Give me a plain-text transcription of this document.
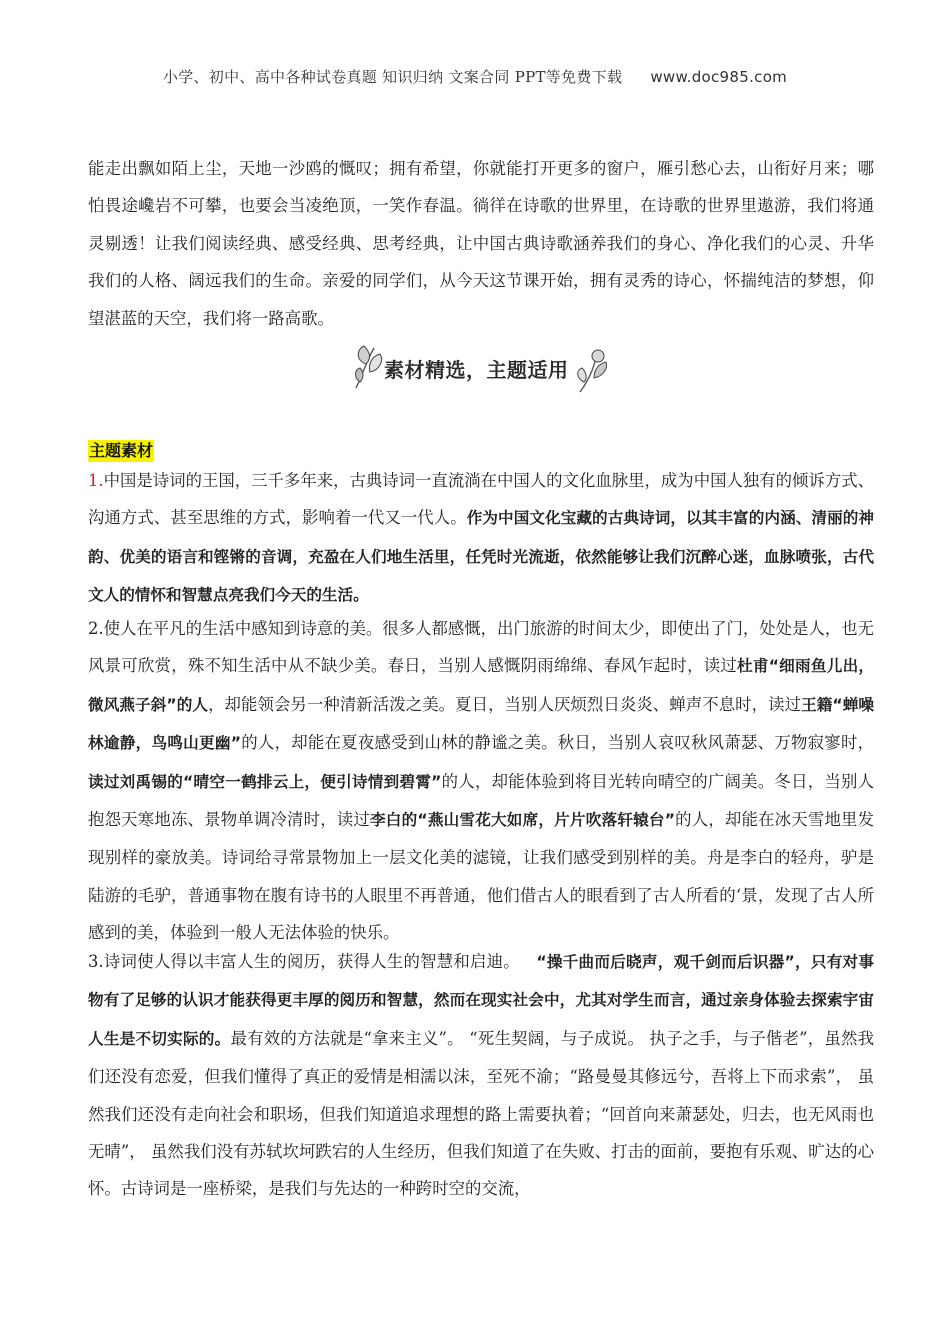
小学、初中、高中各种试卷真题 知识归纳 文案合同 PPT等免费下载 www.doc985.com

能走出飘如陌上尘，天地一沙鸥的慨叹；拥有希望，你就能打开更多的窗户，雁引愁心去，山衔好月来；哪怕畏途巉岩不可攀，也要会当凌绝顶，一笑作春温。徜徉在诗歌的世界里，在诗歌的世界里遨游，我们将通灵剔透！让我们阅读经典、感受经典、思考经典，让中国古典诗歌涵养我们的身心、净化我们的心灵、升华我们的人格、阔远我们的生命。亲爱的同学们，从今天这节课开始，拥有灵秀的诗心，怀揣纯洁的梦想，仰望湛蓝的天空，我们将一路高歌。

素材精选，主题适用
主题素材

1.中国是诗词的王国，三千多年来，古典诗词一直流淌在中国人的文化血脉里，成为中国人独有的倾诉方式、沟通方式、甚至思维的方式，影响着一代又一代人。作为中国文化宝藏的古典诗词，以其丰富的内涵、清丽的神韵、优美的语言和铿锵的音调，充盈在人们地生活里，任凭时光流逝，依然能够让我们沉醉心迷，血脉喷张，古代文人的情怀和智慧点亮我们今天的生活。

2.使人在平凡的生活中感知到诗意的美。很多人都感慨，出门旅游的时间太少，即使出了门，处处是人，也无风景可欣赏，殊不知生活中从不缺少美。春日，当别人感慨阴雨绵绵、春风乍起时，读过杜甫“细雨鱼儿出，微风燕子斜”的人，却能领会另一种清新活泼之美。夏日，当别人厌烦烈日炎炎、蝉声不息时，读过王籍“蝉噪林逾静，鸟鸣山更幽”的人，却能在夏夜感受到山林的静谧之美。秋日，当别人哀叹秋风萧瑟、万物寂寥时，读过刘禹锡的“晴空一鹤排云上，便引诗情到碧霄”的人，却能体验到将目光转向晴空的广阔美。冬日，当别人抱怨天寒地冻、景物单调冷清时，读过李白的“燕山雪花大如席，片片吹落轩辕台”的人，却能在冰天雪地里发现别样的豪放美。诗词给寻常景物加上一层文化美的滤镜，让我们感受到别样的美。舟是李白的轻舟，驴是陆游的毛驴，普通事物在腹有诗书的人眼里不再普通，他们借古人的眼看到了古人所看的‘景，发现了古人所感到的美，体验到一般人无法体验的快乐。

3.诗词使人得以丰富人生的阅历，获得人生的智慧和启迪。   “操千曲而后晓声，观千剑而后识器”，只有对事物有了足够的认识才能获得更丰厚的阅历和智慧，然而在现实社会中，尤其对学生而言，通过亲身体验去探索宇宙人生是不切实际的。最有效的方法就是“拿来主义”。 “死生契阔，与子成说。 执子之手，与子偕老”，虽然我们还没有恋爱，但我们懂得了真正的爱情是相濡以沫，至死不渝；“路曼曼其修远兮，吾将上下而求索”， 虽然我们还没有走向社会和职场，但我们知道追求理想的路上需要执着；“回首向来萧瑟处，归去，也无风雨也无晴”， 虽然我们没有苏轼坎坷跌宕的人生经历，但我们知道了在失败、打击的面前，要抱有乐观、旷达的心怀。古诗词是一座桥梁，是我们与先达的一种跨时空的交流，
